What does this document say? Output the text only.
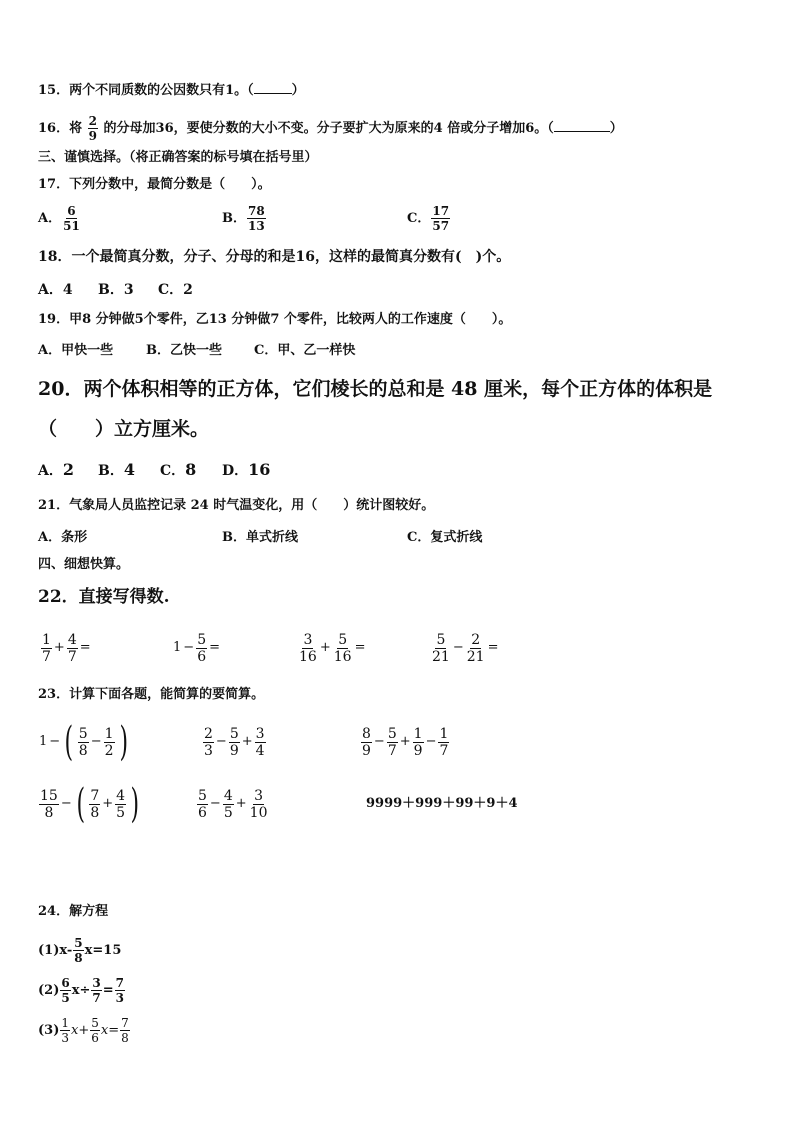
15．两个不同质数的公因数只有1。（	）
16．将 $\frac{2}{9}$ 的分母加36，要使分数的大小不变。分子要扩大为原来的4 倍或分子增加6。（	）
三、谨慎选择。（将正确答案的标号填在括号里）
17．下列分数中，最简分数是（　　）。
A． $\frac{6}{51}$	B． $\frac{78}{13}$	C． $\frac{17}{57}$
18．一个最简真分数，分子、分母的和是16，这样的最简真分数有(　)个。
A．4 B．3 C．2
19．甲8 分钟做5个零件，乙13 分钟做7 个零件，比较两人的工作速度（　　）。
A．甲快一些	B．乙快一些 C．甲、乙一样快
20．两个体积相等的正方体，它们棱长的总和是 48 厘米，每个正方体的体积是
（　　）立方厘米。
A．2 B．4 C．8 D．16
21．气象局人员监控记录 24 时气温变化，用（　　）统计图较好。
A．条形	B．单式折线	C．复式折线
四、细想快算。
22．直接写得数.
$\frac{1}{7} + \frac{4}{7}$ =	$1 - \frac{5}{6}$ =	$\frac{3}{16} + \frac{5}{16}$ =	$\frac{5}{21} - \frac{2}{21}$ =
23．计算下面各题，能简算的要简算。
1 − ( $\frac{5}{8} - \frac{1}{2}$ )	$\frac{2}{3} - \frac{5}{9} + \frac{3}{4}$	$\frac{8}{9} - \frac{5}{7} + \frac{1}{9} - \frac{1}{7}$
$\frac{15}{8}$ − ( $\frac{7}{8} + \frac{4}{5}$ )	$\frac{5}{6} - \frac{4}{5} + \frac{3}{10}$	9999＋999＋99＋9＋4
24．解方程
$(1)x- \frac{5}{8} x=15$
$(2) \frac{6}{5} x\div \frac{3}{7} = \frac{7}{3}$
$(3) \frac{1}{3} x+ \frac{5}{6} x= \frac{7}{8}$
